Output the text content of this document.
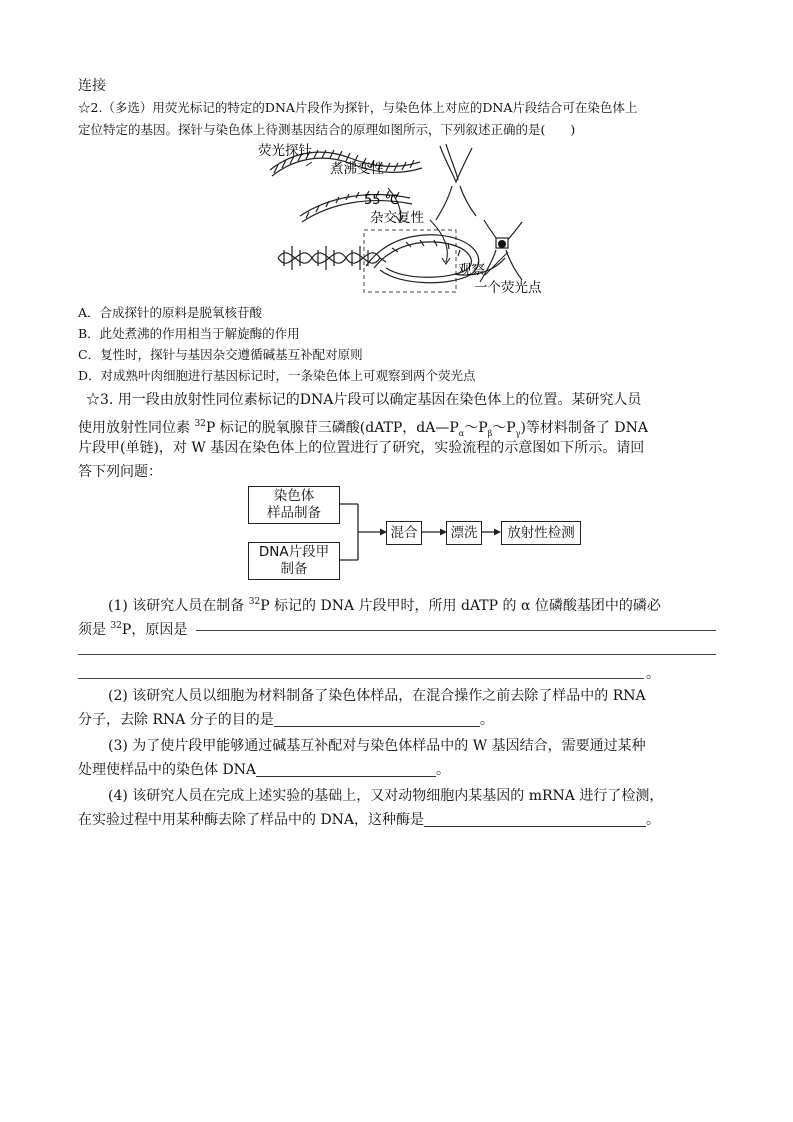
连接
☆2.（多选）用荧光标记的特定的DNA片段作为探针，与染色体上对应的DNA片段结合可在染色体上
定位特定的基因。探针与染色体上待测基因结合的原理如图所示，下列叙述正确的是(　　)
荧光探针
煮沸变性
55 ℃
杂交复性
观察
一个荧光点
A．合成探针的原料是脱氧核苷酸
B．此处煮沸的作用相当于解旋酶的作用
C．复性时，探针与基因杂交遵循碱基互补配对原则
D．对成熟叶肉细胞进行基因标记时，一条染色体上可观察到两个荧光点
☆3. 用一段由放射性同位素标记的DNA片段可以确定基因在染色体上的位置。某研究人员
使用放射性同位素 $^{32}$P 标记的脱氧腺苷三磷酸(dATP，$dA—P_\alpha\sim P_\beta\sim P_\gamma$)等材料制备了 DNA
片段甲(单链)，对 W 基因在染色体上的位置进行了研究，实验流程的示意图如下所示。请回
答下列问题：
染色体
样品制备
DNA片段甲
制备
混合	漂洗	放射性检测
(1) 该研究人员在制备 $^{32}$P 标记的 DNA 片段甲时，所用 dATP 的 α 位磷酸基团中的磷必
须是 $^{32}$P，原因是
。
(2) 该研究人员以细胞为材料制备了染色体样品，在混合操作之前去除了样品中的 RNA
分子，去除 RNA 分子的目的是	。
(3) 为了使片段甲能够通过碱基互补配对与染色体样品中的 W 基因结合，需要通过某种
处理使样品中的染色体 DNA	。
(4) 该研究人员在完成上述实验的基础上，又对动物细胞内某基因的 mRNA 进行了检测，
在实验过程中用某种酶去除了样品中的 DNA，这种酶是	。
